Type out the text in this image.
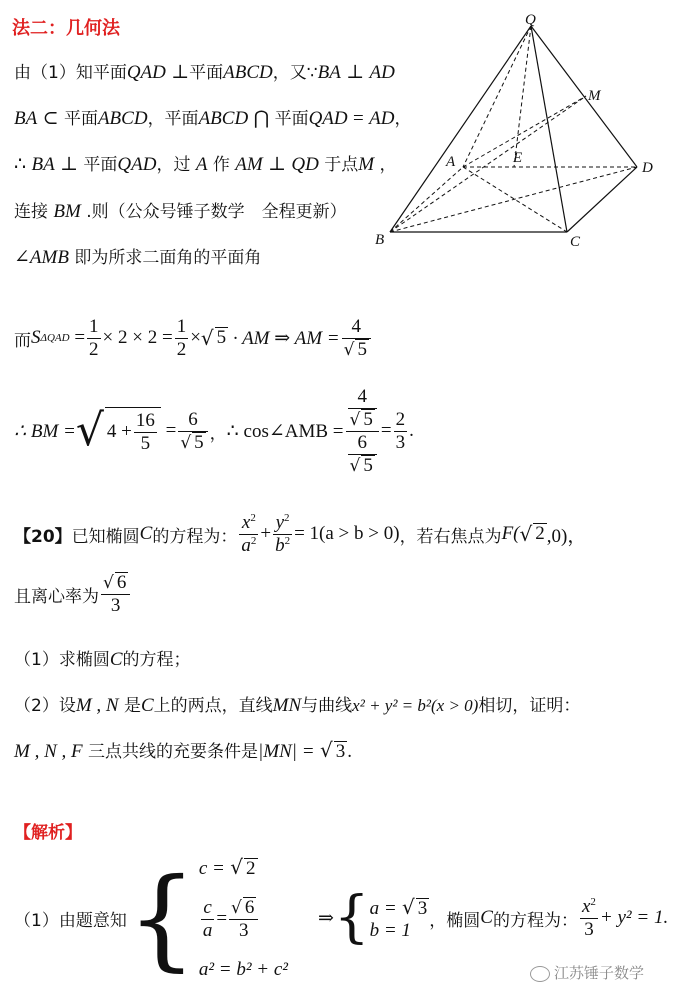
法二：几何法
由（1）知平面QAD ⊥平面ABCD，又∵BA ⊥ AD
BA ⊂ 平面ABCD，平面ABCD ⋂ 平面QAD = AD，
∴ BA ⊥ 平面QAD，过 A 作 AM ⊥ QD 于点M ，
连接 BM .则（公众号锤子数学　全程更新）
∠AMB 即为所求二面角的平面角
Q
M
A	E
D
B	C
而 S $\Delta QAD = \frac{1}{2} \times 2 \times 2 = \frac{1}{2}$ × √ 5
· AM ⇒ AM = $\frac{4}{√ 5}$
∴ BM = √ $4 + \frac{16}{5}$
= $\frac{6}{√ 5}$ ， ∴ cos∠AMB = $\frac{\frac{4}{√ 5}}{\frac{6}{√ 5}} = \frac{2}{3}$ .
【20】 已知椭圆 C 的方程为： $\frac{x^2}{a^2} + \frac{y^2}{b^2} = 1(a > b > 0)$ ，若右焦点为 F( √ 2 ,0)，
且离心率为 $\frac{√ 6}{3}$
（1）求椭圆C的方程；
（2）设M , N 是C上的两点，直线MN与曲线x² + y² = b²(x > 0)相切，证明：
M , N , F 三点共线的充要条件是|MN| = √ 3 .
【解析】
（1）由题意知 { c = √ 2
$\frac{c}{a} = \frac{√ 6}{3}$
a² = b² + c²
⇒ { a = √ 3
b = 1	，椭圆 C 的方程为： $\frac{x^2}{3} + y^2 = 1$.
江苏锤子数学
